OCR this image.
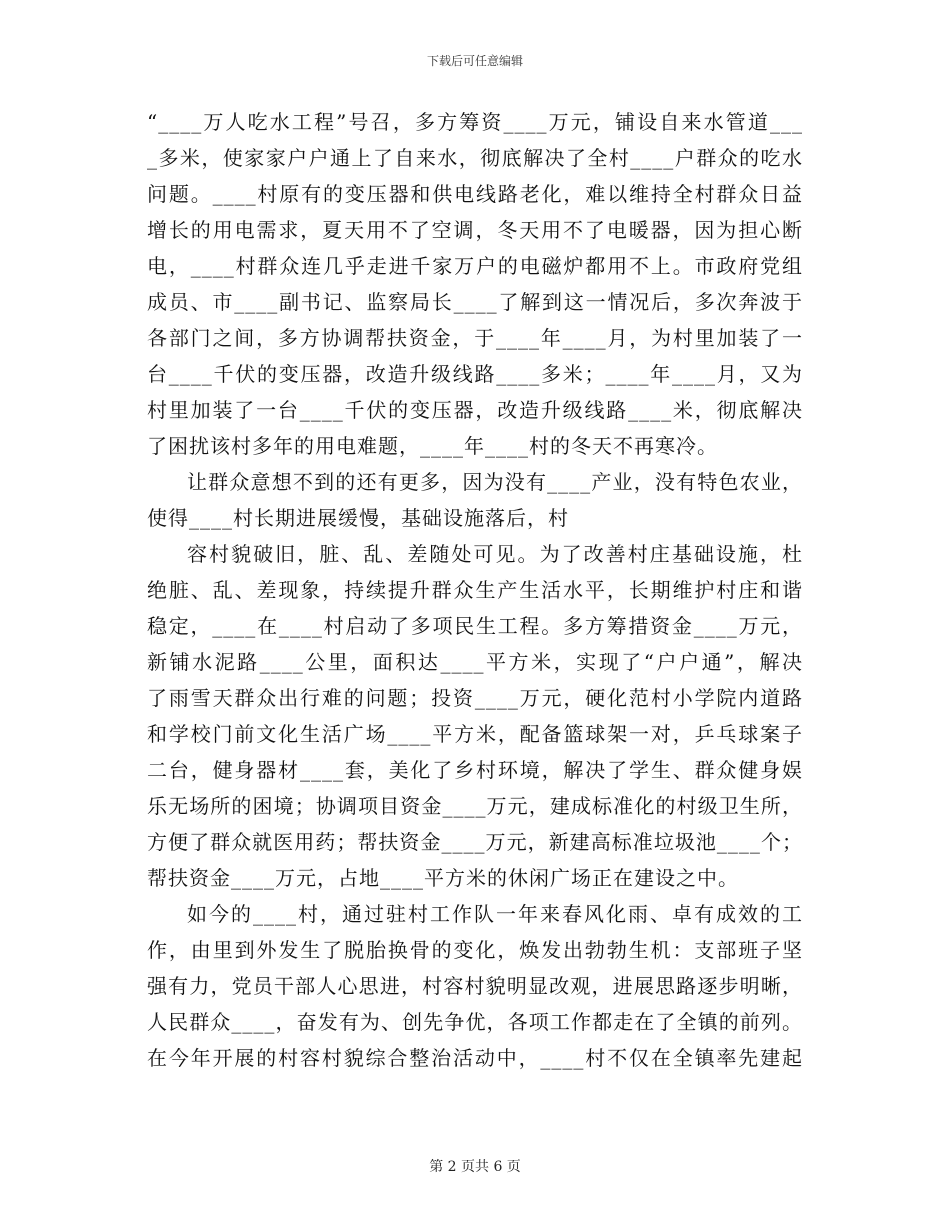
下载后可任意编辑
“____万人吃水工程”号召，多方筹资____万元，铺设自来水管道___
_多米，使家家户户通上了自来水，彻底解决了全村____户群众的吃水
问题。____村原有的变压器和供电线路老化，难以维持全村群众日益
增长的用电需求，夏天用不了空调，冬天用不了电暖器，因为担心断
电，____村群众连几乎走进千家万户的电磁炉都用不上。市政府党组
成员、市____副书记、监察局长____了解到这一情况后，多次奔波于
各部门之间，多方协调帮扶资金，于____年____月，为村里加装了一
台____千伏的变压器，改造升级线路____多米；____年____月，又为
村里加装了一台____千伏的变压器，改造升级线路____米，彻底解决
了困扰该村多年的用电难题，____年____村的冬天不再寒冷。
让群众意想不到的还有更多，因为没有____产业，没有特色农业，
使得____村长期进展缓慢，基础设施落后，村
容村貌破旧，脏、乱、差随处可见。为了改善村庄基础设施，杜
绝脏、乱、差现象，持续提升群众生产生活水平，长期维护村庄和谐
稳定，____在____村启动了多项民生工程。多方筹措资金____万元，
新铺水泥路____公里，面积达____平方米，实现了“户户通”，解决
了雨雪天群众出行难的问题；投资____万元，硬化范村小学院内道路
和学校门前文化生活广场____平方米，配备篮球架一对，乒乓球案子
二台，健身器材____套，美化了乡村环境，解决了学生、群众健身娱
乐无场所的困境；协调项目资金____万元，建成标准化的村级卫生所，
方便了群众就医用药；帮扶资金____万元，新建高标准垃圾池____个；
帮扶资金____万元，占地____平方米的休闲广场正在建设之中。
如今的____村，通过驻村工作队一年来春风化雨、卓有成效的工
作，由里到外发生了脱胎换骨的变化，焕发出勃勃生机：支部班子坚
强有力，党员干部人心思进，村容村貌明显改观，进展思路逐步明晰，
人民群众____，奋发有为、创先争优，各项工作都走在了全镇的前列。
在今年开展的村容村貌综合整治活动中，____村不仅在全镇率先建起
第 2 页共 6 页
